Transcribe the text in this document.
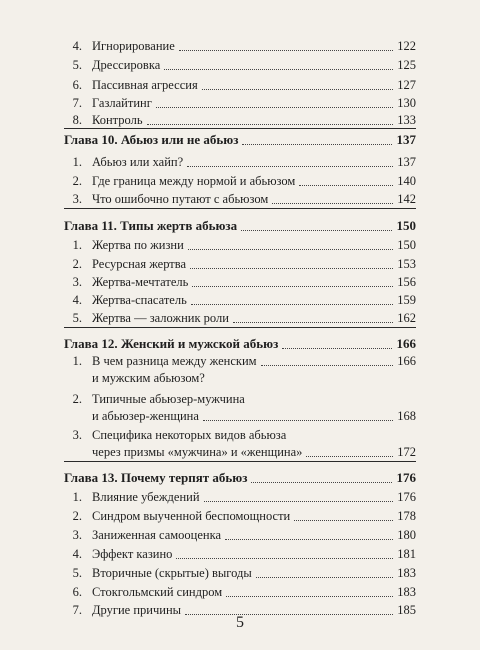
4. Игнорирование	122
5. Дрессировка	125
6. Пассивная агрессия	127
7. Газлайтинг	130
8. Контроль	133
Глава 10. Абьюз или не абьюз	137
1. Абьюз или хайп?	137
2. Где граница между нормой и абьюзом	140
3. Что ошибочно путают с абьюзом	142
Глава 11. Типы жертв абьюза	150
1. Жертва по жизни	150
2. Ресурсная жертва	153
3. Жертва-мечтатель	156
4. Жертва-спасатель	159
5. Жертва — заложник роли	162
Глава 12. Женский и мужской абьюз	166
1. В чем разница между женским	166
и мужским абьюзом?
2. Типичные абьюзер-мужчина
и абьюзер-женщина	168
3. Специфика некоторых видов абьюза
через призмы «мужчина» и «женщина»	172
Глава 13. Почему терпят абьюз	176
1. Влияние убеждений	176
2. Синдром выученной беспомощности	178
3. Заниженная самооценка	180
4. Эффект казино	181
5. Вторичные (скрытые) выгоды	183
6. Стокгольмский синдром	183
7. Другие причины	185
5
